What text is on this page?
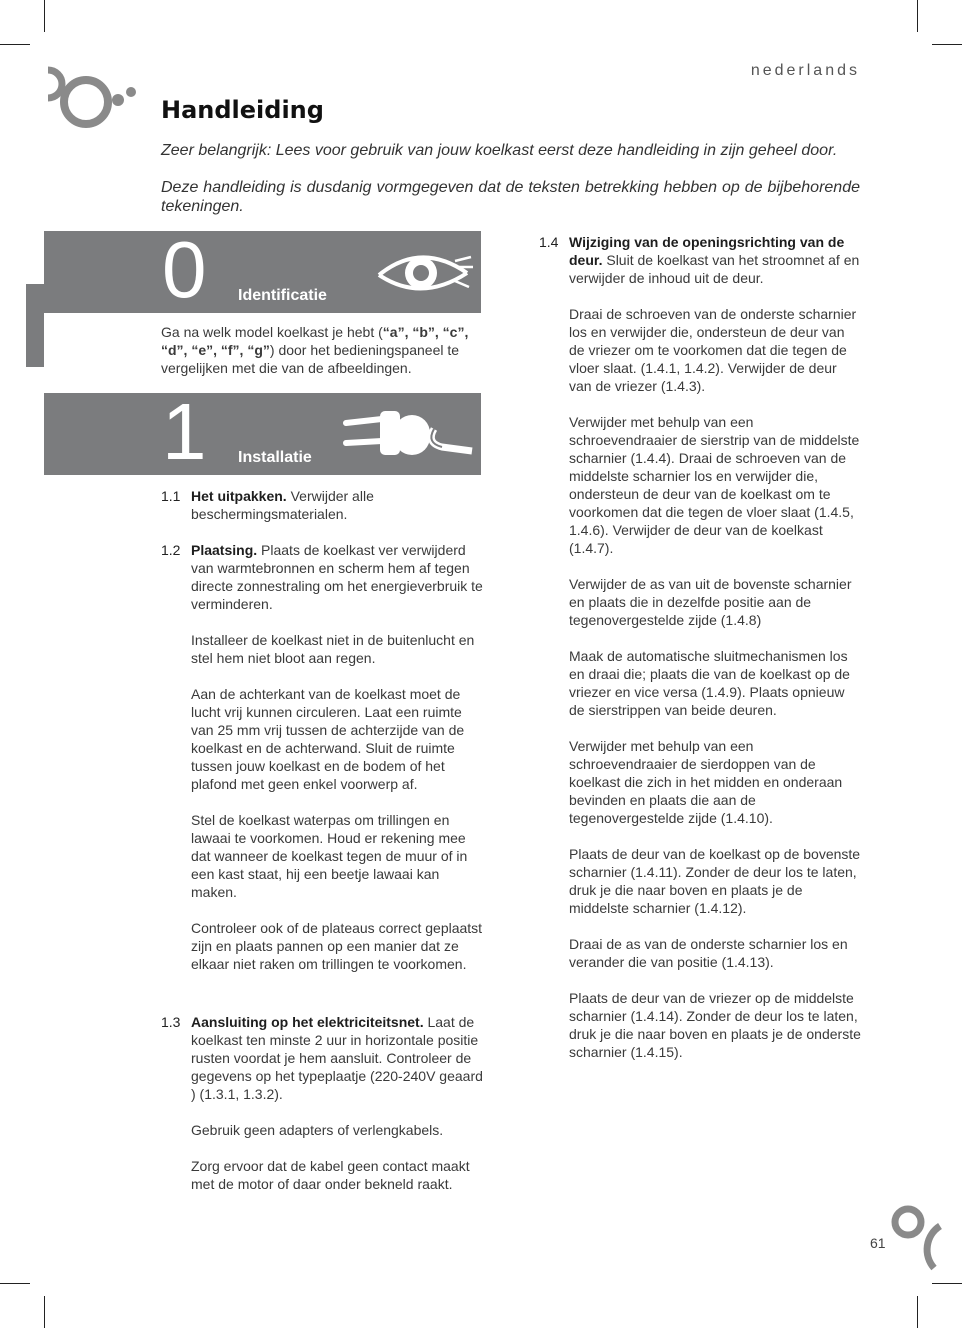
nederlands
Handleiding

Zeer belangrijk: Lees voor gebruik van jouw koelkast eerst deze handleiding in zijn geheel door.

Deze handleiding is dusdanig vormgegeven dat de teksten betrekking hebben op de bijbehorende tekeningen.

0 Identificatie

Ga na welk model koelkast je hebt (“a”, “b”, “c”, “d”, “e”, “f”, “g”) door het bedieningspaneel te vergelijken met die van de afbeeldingen.

1 Installatie
1.1 Het uitpakken. Verwijder alle beschermingsmaterialen.

1.2 Plaatsing. Plaats de koelkast ver verwijderd van warmtebronnen en scherm hem af tegen directe zonnestraling om het energieverbruik te verminderen.

Installeer de koelkast niet in de buitenlucht en stel hem niet bloot aan regen.

Aan de achterkant van de koelkast moet de lucht vrij kunnen circuleren. Laat een ruimte van 25 mm vrij tussen de achterzijde van de koelkast en de achterwand. Sluit de ruimte tussen jouw koelkast en de bodem of het plafond met geen enkel voorwerp af.

Stel de koelkast waterpas om trillingen en lawaai te voorkomen. Houd er rekening mee dat wanneer de koelkast tegen de muur of in een kast staat, hij een beetje lawaai kan maken.

Controleer ook of de plateaus correct geplaatst zijn en plaats pannen op een manier dat ze elkaar niet raken om trillingen te voorkomen.

1.3 Aansluiting op het elektriciteitsnet. Laat de koelkast ten minste 2 uur in horizontale positie rusten voordat je hem aansluit. Controleer de gegevens op het typeplaatje (220-240V geaard ) (1.3.1, 1.3.2).

Gebruik geen adapters of verlengkabels.

Zorg ervoor dat de kabel geen contact maakt met de motor of daar onder bekneld raakt.

1.4 Wijziging van de openingsrichting van de deur. Sluit de koelkast van het stroomnet af en verwijder de inhoud uit de deur.

Draai de schroeven van de onderste scharnier los en verwijder die, ondersteun de deur van de vriezer om te voorkomen dat die tegen de vloer slaat. (1.4.1, 1.4.2). Verwijder de deur van de vriezer (1.4.3).

Verwijder met behulp van een schroevendraaier de sierstrip van de middelste scharnier (1.4.4). Draai de schroeven van de middelste scharnier los en verwijder die, ondersteun de deur van de koelkast om te voorkomen dat die tegen de vloer slaat (1.4.5, 1.4.6). Verwijder de deur van de koelkast (1.4.7).

Verwijder de as van uit de bovenste scharnier en plaats die in dezelfde positie aan de tegenovergestelde zijde (1.4.8)

Maak de automatische sluitmechanismen los en draai die; plaats die van de koelkast op de vriezer en vice versa (1.4.9). Plaats opnieuw de sierstrippen van beide deuren.

Verwijder met behulp van een schroevendraaier de sierdoppen van de koelkast die zich in het midden en onderaan bevinden en plaats die aan de tegenovergestelde zijde (1.4.10).

Plaats de deur van de koelkast op de bovenste scharnier (1.4.11). Zonder de deur los te laten, druk je die naar boven en plaats je de middelste scharnier (1.4.12).

Draai de as van de onderste scharnier los en verander die van positie (1.4.13).

Plaats de deur van de vriezer op de middelste scharnier (1.4.14). Zonder de deur los te laten, druk je die naar boven en plaats je de onderste scharnier (1.4.15).

61
